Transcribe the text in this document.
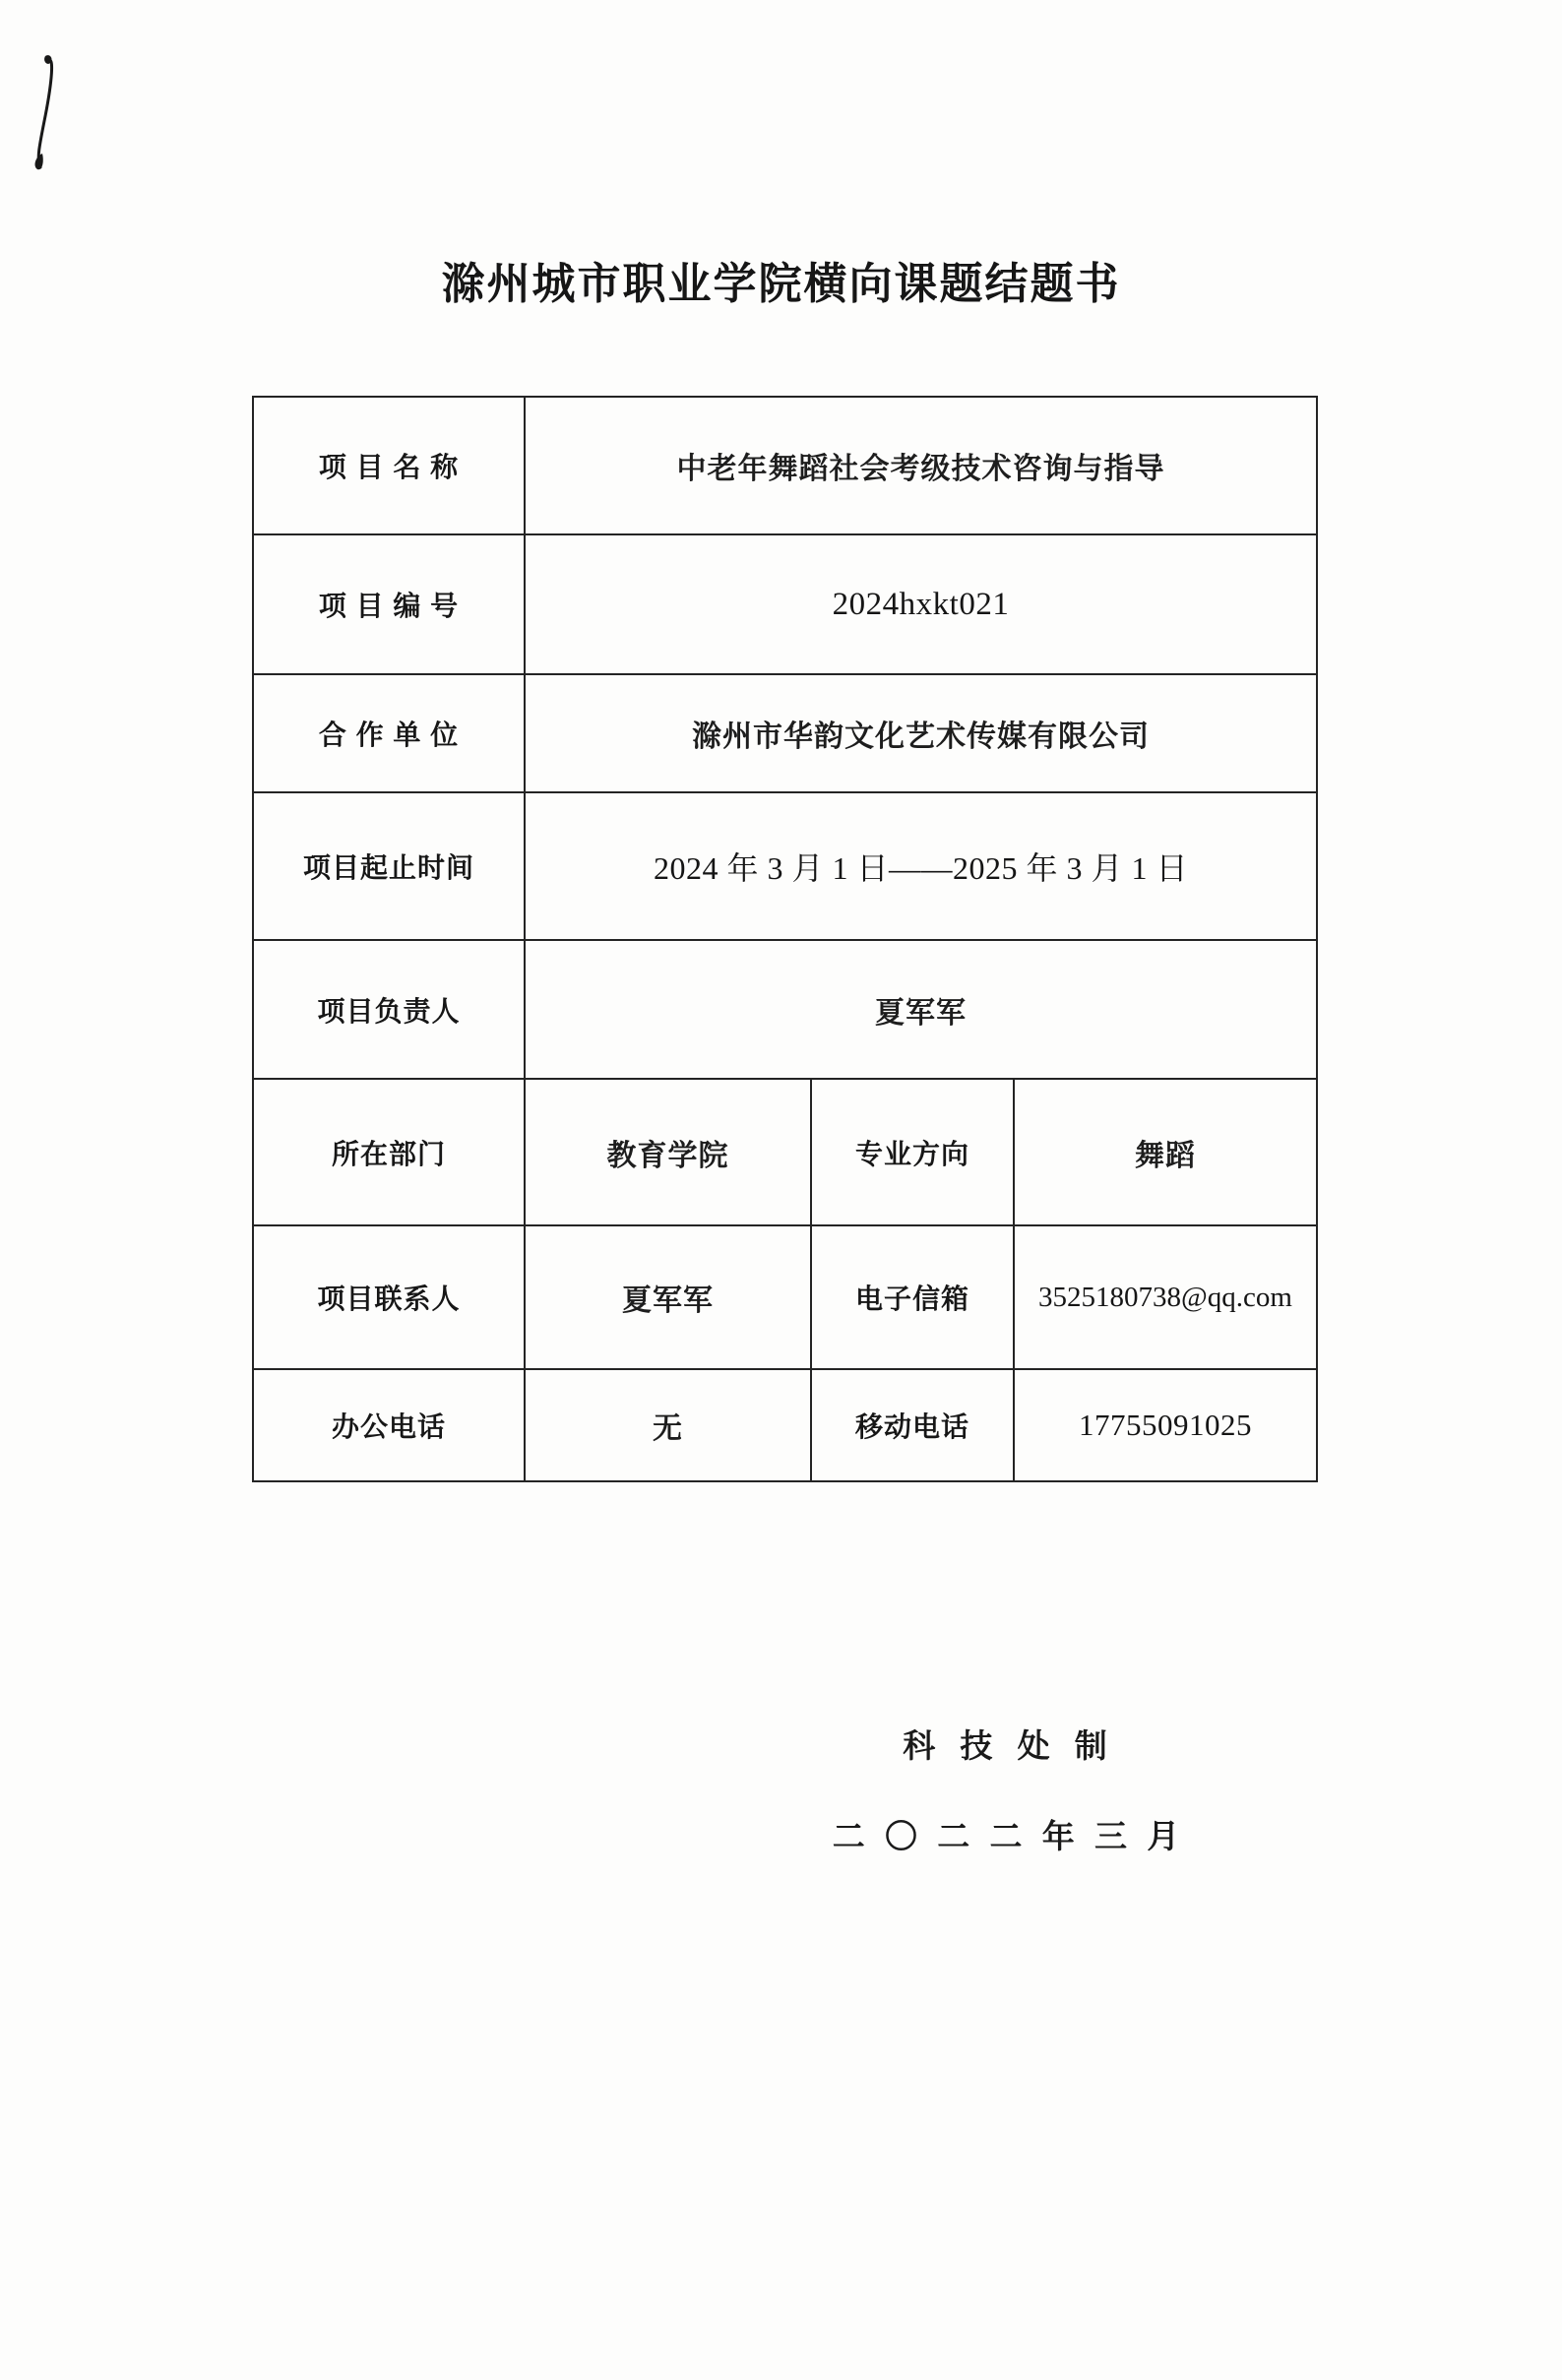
滁州城市职业学院横向课题结题书
项 目 名 称	中老年舞蹈社会考级技术咨询与指导		
项 目 编 号	2024hxkt021		
合 作 单 位	滁州市华韵文化艺术传媒有限公司		
项目起止时间	2024 年 3 月 1 日——2025 年 3 月 1 日		
项目负责人	夏军军		
所在部门	教育学院	专业方向	舞蹈
项目联系人	夏军军	电子信箱	3525180738@qq.com
办公电话	无	移动电话	17755091025
科 技 处 制
二 〇 二 二 年 三 月
